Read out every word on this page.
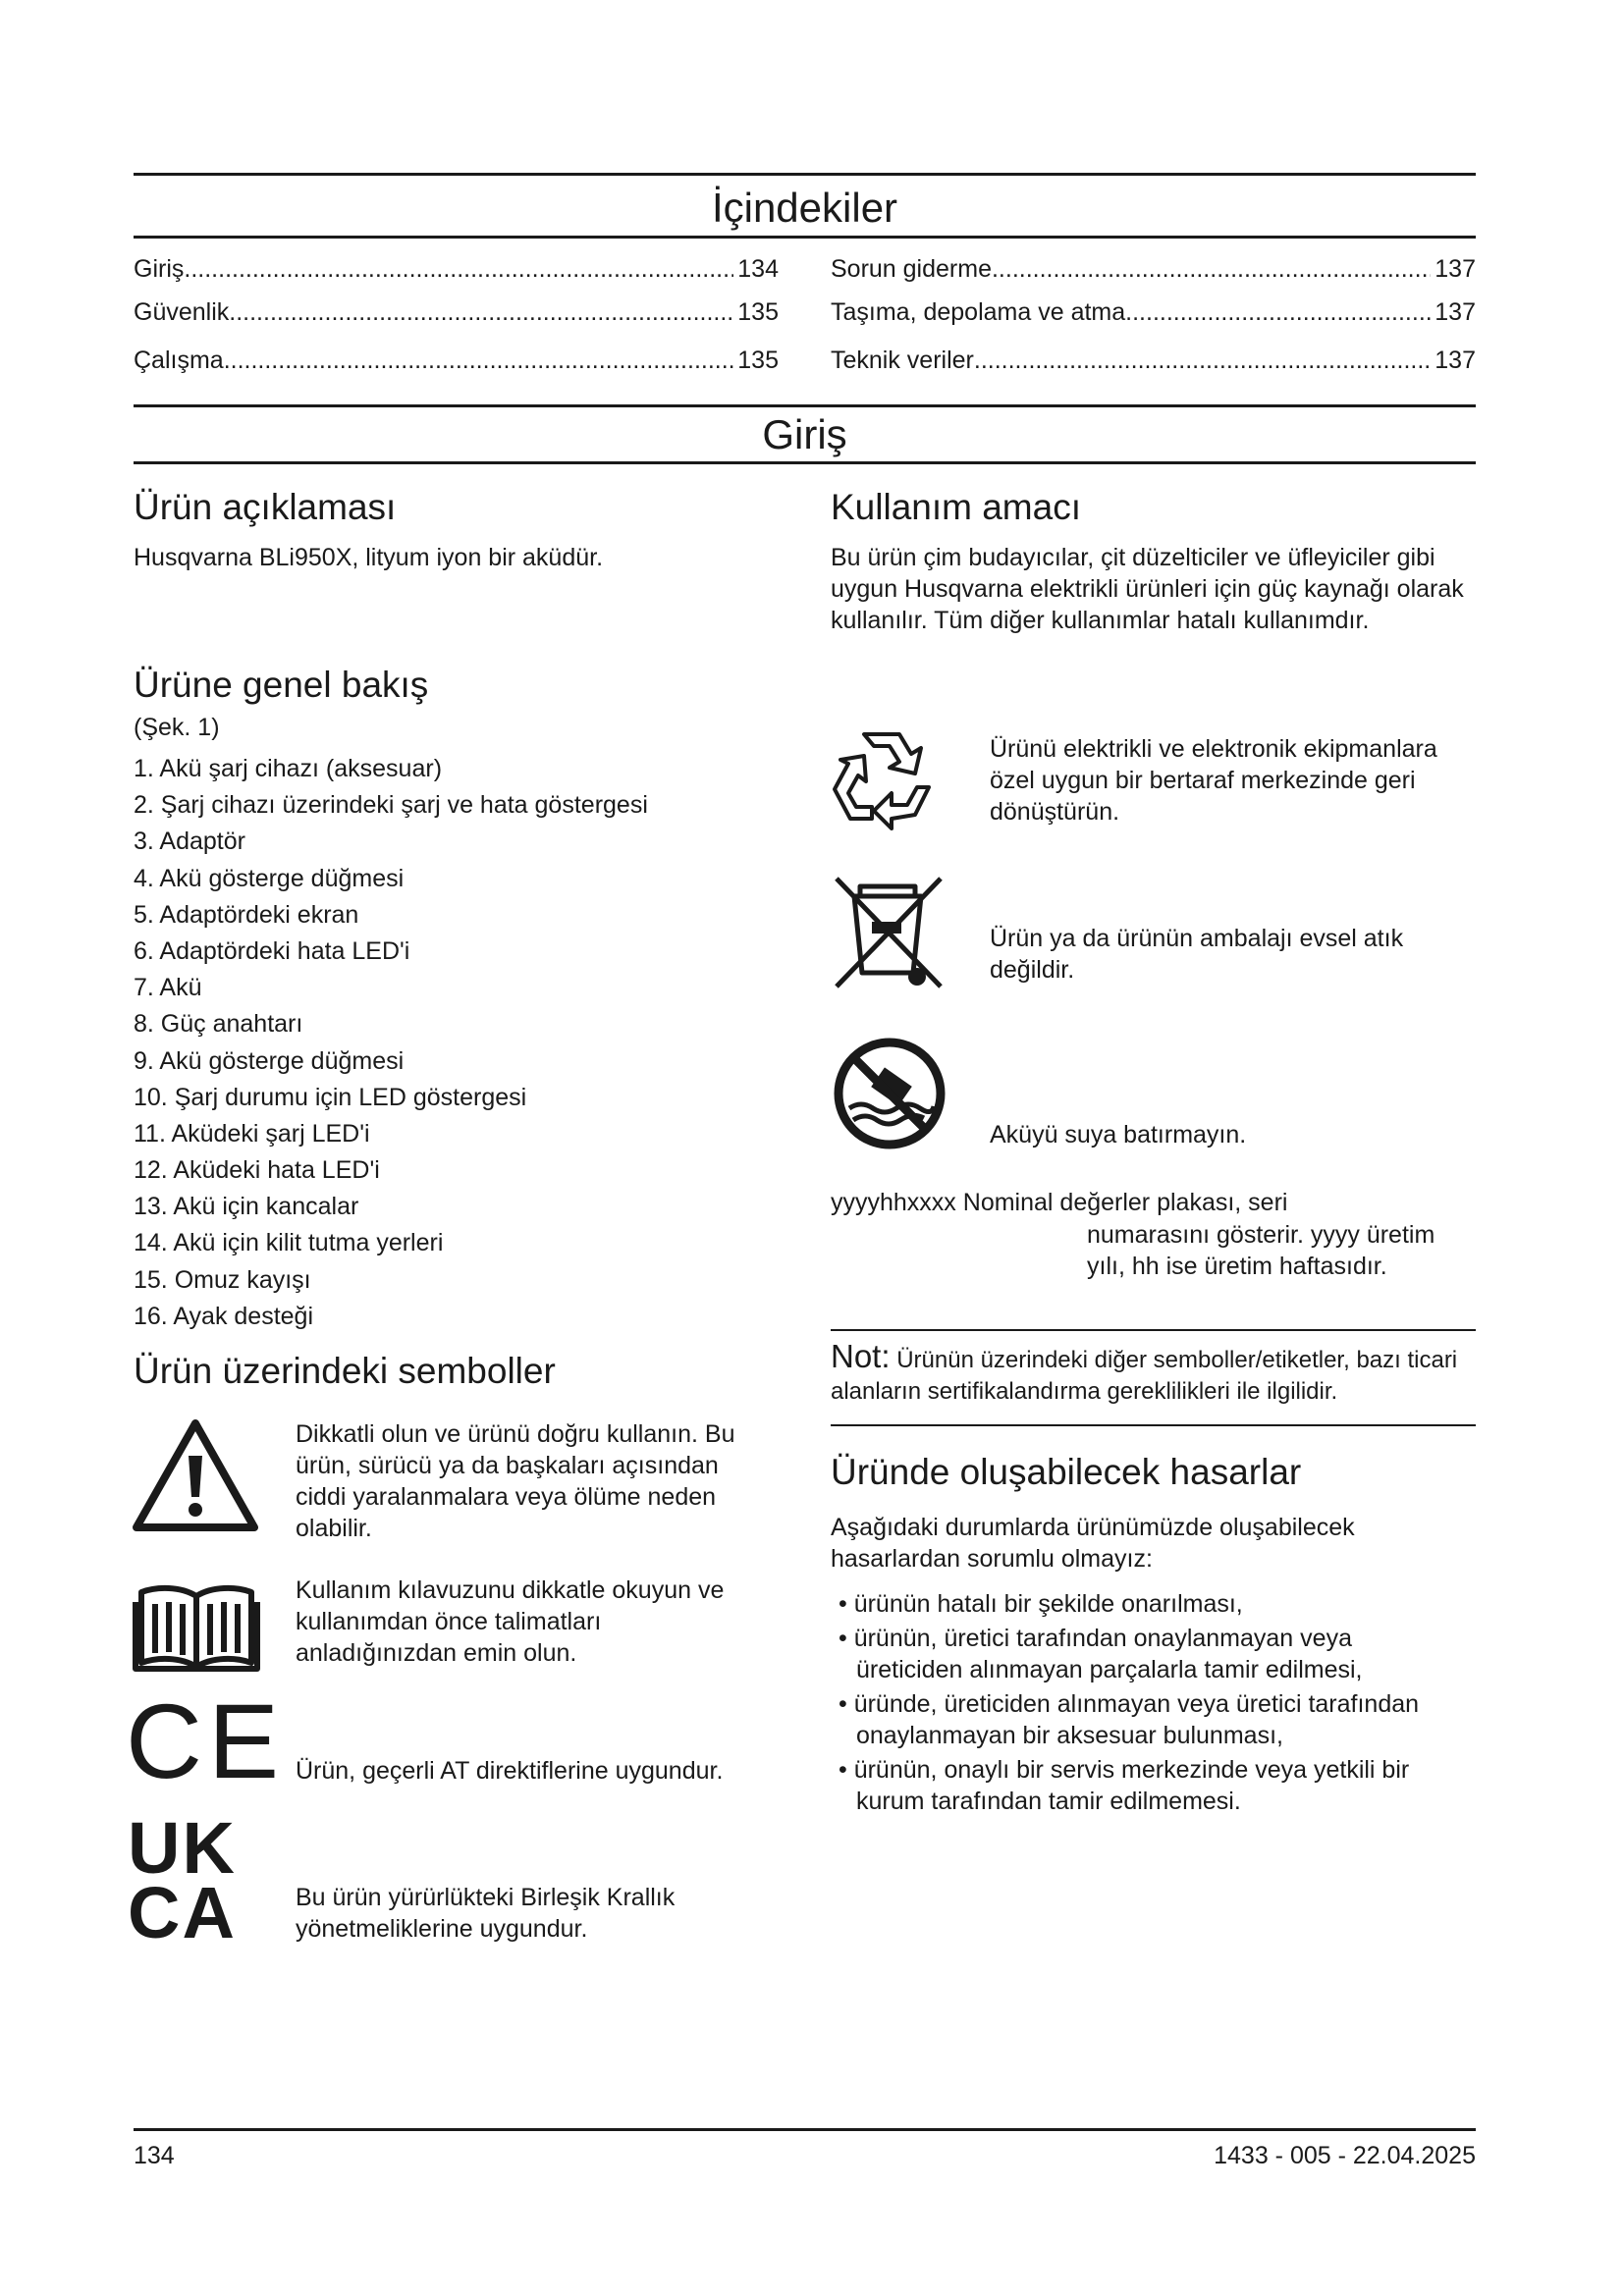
İçindekiler
Giriş .....	134
Güvenlik .....	135
Çalışma .....	135
Sorun giderme .....	137
Taşıma, depolama ve atma .....	137
Teknik veriler .....	137
Giriş
Ürün açıklaması
Husqvarna BLi950X, lityum iyon bir aküdür.
Ürüne genel bakış
(Şek. 1)
1. Akü şarj cihazı (aksesuar)
2. Şarj cihazı üzerindeki şarj ve hata göstergesi
3. Adaptör
4. Akü gösterge düğmesi
5. Adaptördeki ekran
6. Adaptördeki hata LED'i
7. Akü
8. Güç anahtarı
9. Akü gösterge düğmesi
10. Şarj durumu için LED göstergesi
11. Aküdeki şarj LED'i
12. Aküdeki hata LED'i
13. Akü için kancalar
14. Akü için kilit tutma yerleri
15. Omuz kayışı
16. Ayak desteği
Ürün üzerindeki semboller
Dikkatli olun ve ürünü doğru kullanın. Bu ürün, sürücü ya da başkaları açısından ciddi yaralanmalara veya ölüme neden olabilir.
Kullanım kılavuzunu dikkatle okuyun ve kullanımdan önce talimatları anladığınızdan emin olun.
CE Ürün, geçerli AT direktiflerine uygundur.
UK
CA	Bu ürün yürürlükteki Birleşik Krallık yönetmeliklerine uygundur.
Kullanım amacı
Bu ürün çim budayıcılar, çit düzelticiler ve üfleyiciler gibi uygun Husqvarna elektrikli ürünleri için güç kaynağı olarak kullanılır. Tüm diğer kullanımlar hatalı kullanımdır.
Ürünü elektrikli ve elektronik ekipmanlara özel uygun bir bertaraf merkezinde geri dönüştürün.
Ürün ya da ürünün ambalajı evsel atık değildir.
Aküyü suya batırmayın.
yyyyhhxxxx Nominal değerler plakası, seri
numarasını gösterir. yyyy üretim yılı, hh ise üretim haftasıdır.
Not: Ürünün üzerindeki diğer semboller/etiketler, bazı ticari alanların sertifikalandırma gereklilikleri ile ilgilidir.
Üründe oluşabilecek hasarlar
Aşağıdaki durumlarda ürünümüzde oluşabilecek hasarlardan sorumlu olmayız:
• ürünün hatalı bir şekilde onarılması,
• ürünün, üretici tarafından onaylanmayan veya üreticiden alınmayan parçalarla tamir edilmesi,
• üründe, üreticiden alınmayan veya üretici tarafından onaylanmayan bir aksesuar bulunması,
• ürünün, onaylı bir servis merkezinde veya yetkili bir kurum tarafından tamir edilmemesi.
134	1433 - 005 - 22.04.2025
